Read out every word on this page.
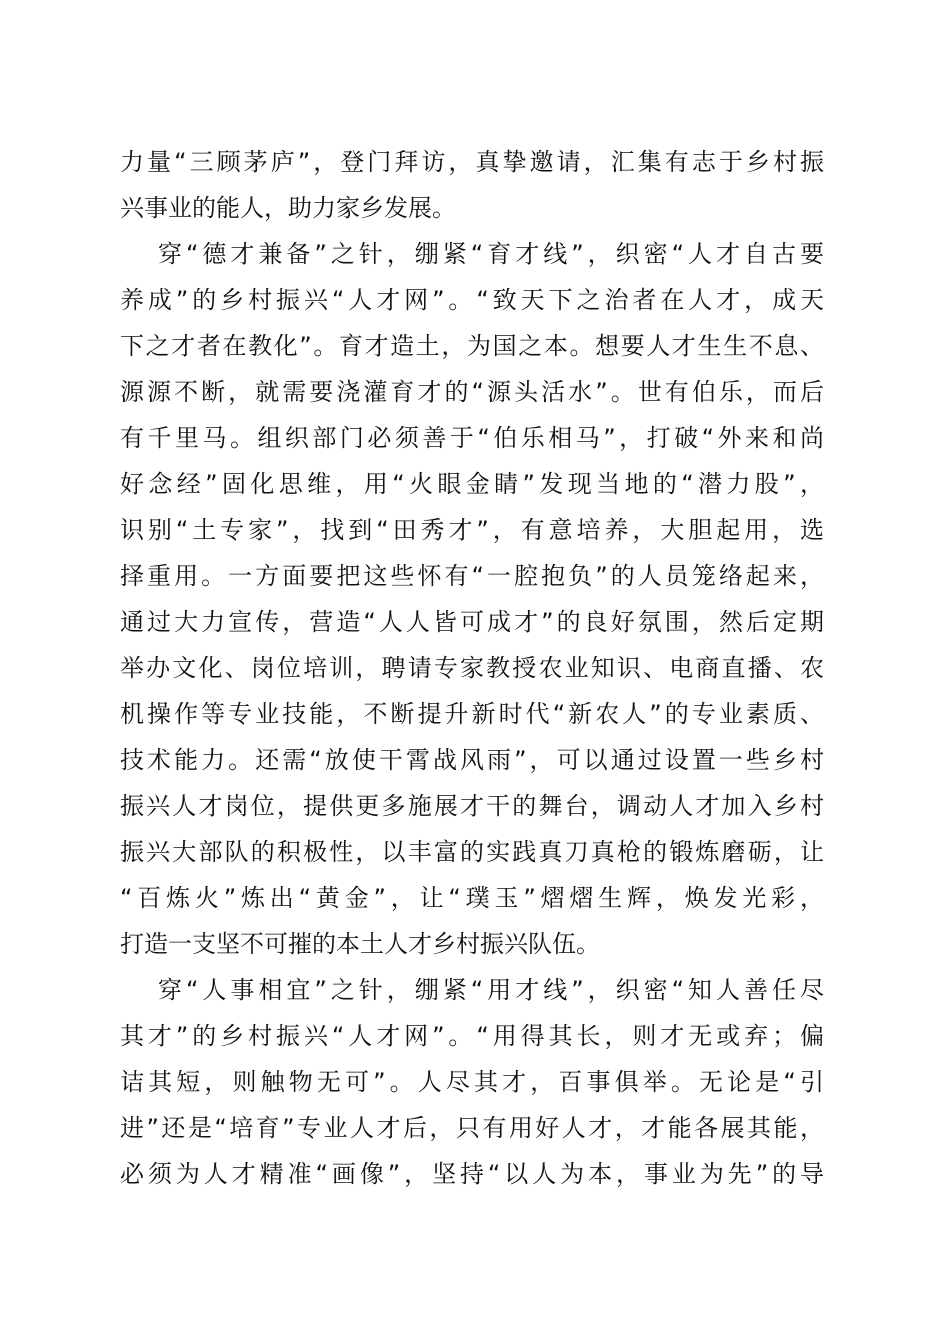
力量“三顾茅庐”，登门拜访，真挚邀请，汇集有志于乡村振
兴事业的能人，助力家乡发展。
穿“德才兼备”之针，绷紧“育才线”，织密“人才自古要
养成”的乡村振兴“人才网”。“致天下之治者在人才，成天
下之才者在教化”。育才造土，为国之本。想要人才生生不息、
源源不断，就需要浇灌育才的“源头活水”。世有伯乐，而后
有千里马。组织部门必须善于“伯乐相马”，打破“外来和尚
好念经”固化思维，用“火眼金睛”发现当地的“潜力股”，
识别“土专家”，找到“田秀才”，有意培养，大胆起用，选
择重用。一方面要把这些怀有“一腔抱负”的人员笼络起来，
通过大力宣传，营造“人人皆可成才”的良好氛围，然后定期
举办文化、岗位培训，聘请专家教授农业知识、电商直播、农
机操作等专业技能，不断提升新时代“新农人”的专业素质、
技术能力。还需“放使干霄战风雨”，可以通过设置一些乡村
振兴人才岗位，提供更多施展才干的舞台，调动人才加入乡村
振兴大部队的积极性，以丰富的实践真刀真枪的锻炼磨砺，让
“百炼火”炼出“黄金”，让“璞玉”熠熠生辉，焕发光彩，
打造一支坚不可摧的本土人才乡村振兴队伍。
穿“人事相宜”之针，绷紧“用才线”，织密“知人善任尽
其才”的乡村振兴“人才网”。“用得其长，则才无或弃；偏
诘其短，则触物无可”。人尽其才，百事俱举。无论是“引
进”还是“培育”专业人才后，只有用好人才，才能各展其能，
必须为人才精准“画像”，坚持“以人为本，事业为先”的导
